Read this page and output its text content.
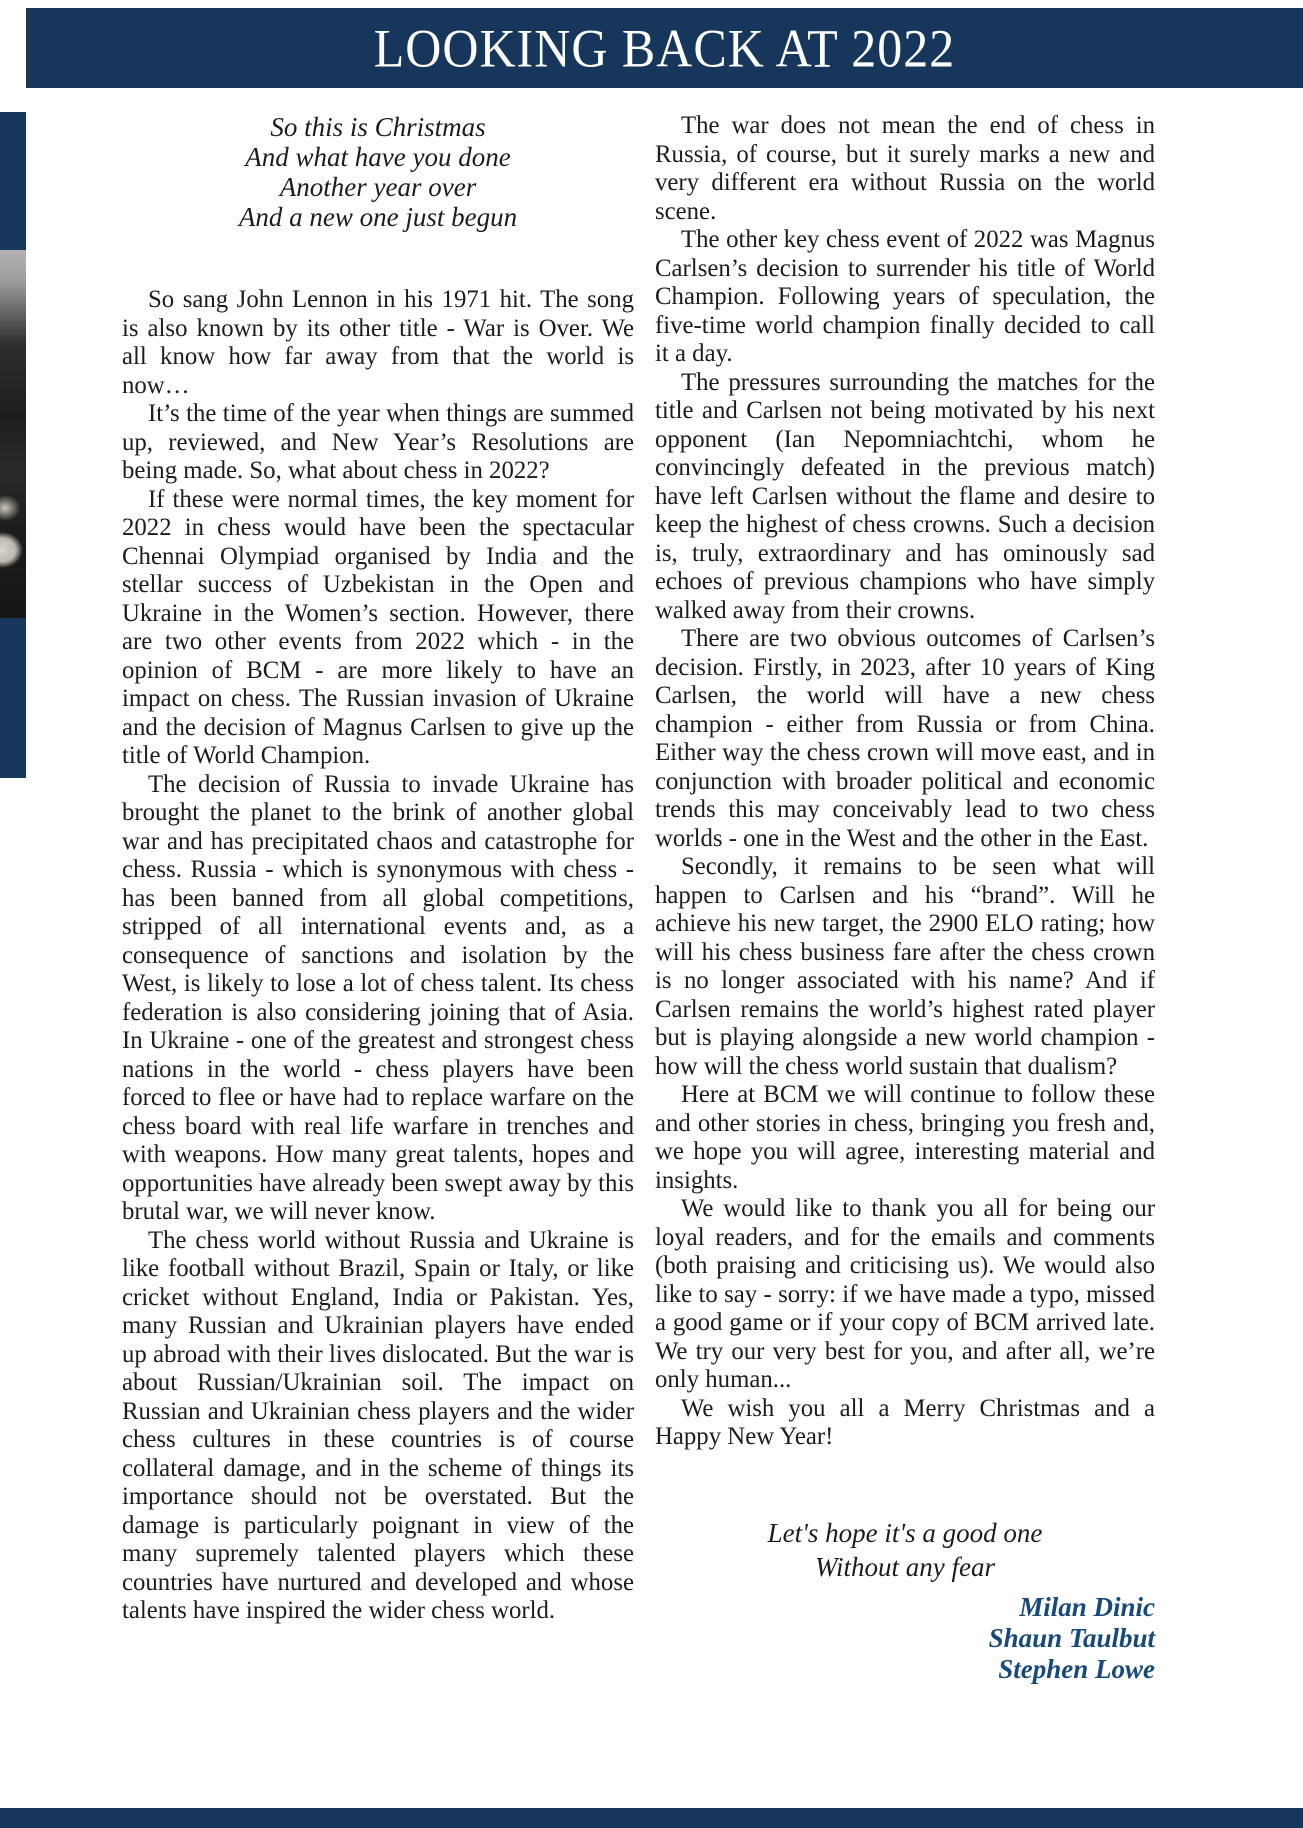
LOOKING BACK AT 2022
So this is Christmas
And what have you done
Another year over
And a new one just begun

So sang John Lennon in his 1971 hit. The song is also known by its other title - War is Over. We all know how far away from that the world is now…

It’s the time of the year when things are summed up, reviewed, and New Year’s Resolutions are being made. So, what about chess in 2022?

If these were normal times, the key moment for 2022 in chess would have been the spectacular Chennai Olympiad organised by India and the stellar success of Uzbekistan in the Open and Ukraine in the Women’s section. However, there are two other events from 2022 which - in the opinion of BCM - are more likely to have an impact on chess. The Russian invasion of Ukraine and the decision of Magnus Carlsen to give up the title of World Champion.

The decision of Russia to invade Ukraine has brought the planet to the brink of another global war and has precipitated chaos and catastrophe for chess. Russia - which is synonymous with chess - has been banned from all global competitions, stripped of all international events and, as a consequence of sanctions and isolation by the West, is likely to lose a lot of chess talent. Its chess federation is also considering joining that of Asia. In Ukraine - one of the greatest and strongest chess nations in the world - chess players have been forced to flee or have had to replace warfare on the chess board with real life warfare in trenches and with weapons. How many great talents, hopes and opportunities have already been swept away by this brutal war, we will never know.

The chess world without Russia and Ukraine is like football without Brazil, Spain or Italy, or like cricket without England, India or Pakistan. Yes, many Russian and Ukrainian players have ended up abroad with their lives dislocated. But the war is about Russian/Ukrainian soil. The impact on Russian and Ukrainian chess players and the wider chess cultures in these countries is of course collateral damage, and in the scheme of things its importance should not be overstated. But the damage is particularly poignant in view of the many supremely talented players which these countries have nurtured and developed and whose talents have inspired the wider chess world.

The war does not mean the end of chess in Russia, of course, but it surely marks a new and very different era without Russia on the world scene.

The other key chess event of 2022 was Magnus Carlsen’s decision to surrender his title of World Champion. Following years of speculation, the five-time world champion finally decided to call it a day.

The pressures surrounding the matches for the title and Carlsen not being motivated by his next opponent (Ian Nepomniachtchi, whom he convincingly defeated in the previous match) have left Carlsen without the flame and desire to keep the highest of chess crowns. Such a decision is, truly, extraordinary and has ominously sad echoes of previous champions who have simply walked away from their crowns.

There are two obvious outcomes of Carlsen’s decision. Firstly, in 2023, after 10 years of King Carlsen, the world will have a new chess champion - either from Russia or from China. Either way the chess crown will move east, and in conjunction with broader political and economic trends this may conceivably lead to two chess worlds - one in the West and the other in the East.

Secondly, it remains to be seen what will happen to Carlsen and his “brand”. Will he achieve his new target, the 2900 ELO rating; how will his chess business fare after the chess crown is no longer associated with his name? And if Carlsen remains the world’s highest rated player but is playing alongside a new world champion - how will the chess world sustain that dualism?

Here at BCM we will continue to follow these and other stories in chess, bringing you fresh and, we hope you will agree, interesting material and insights.

We would like to thank you all for being our loyal readers, and for the emails and comments (both praising and criticising us). We would also like to say - sorry: if we have made a typo, missed a good game or if your copy of BCM arrived late. We try our very best for you, and after all, we’re only human...

We wish you all a Merry Christmas and a Happy New Year!

Let's hope it's a good one
Without any fear
Milan Dinic
Shaun Taulbut
Stephen Lowe
